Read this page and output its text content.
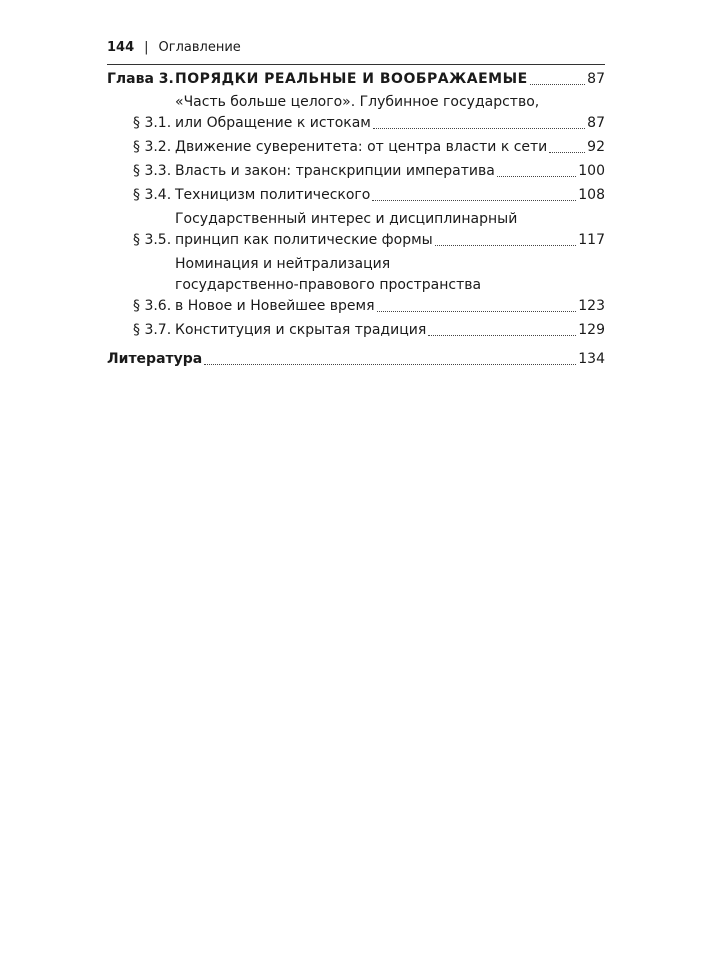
144 | Оглавление
Глава 3. ПОРЯДКИ РЕАЛЬНЫЕ И ВООБРАЖАЕМЫЕ	87
§ 3.1.
«Часть больше целого». Глубинное государство,
или Обращение к истокам	87
§ 3.2. Движение суверенитета: от центра власти к сети	92
§ 3.3. Власть и закон: транскрипции императива	100
§ 3.4. Техницизм политического	108
§ 3.5.
Государственный интерес и дисциплинарный
принцип как политические формы	117
§ 3.6.
Номинация и нейтрализация
государственно-правового пространства
в Новое и Новейшее время	123
§ 3.7. Конституция и скрытая традиция	129
Литература	134
